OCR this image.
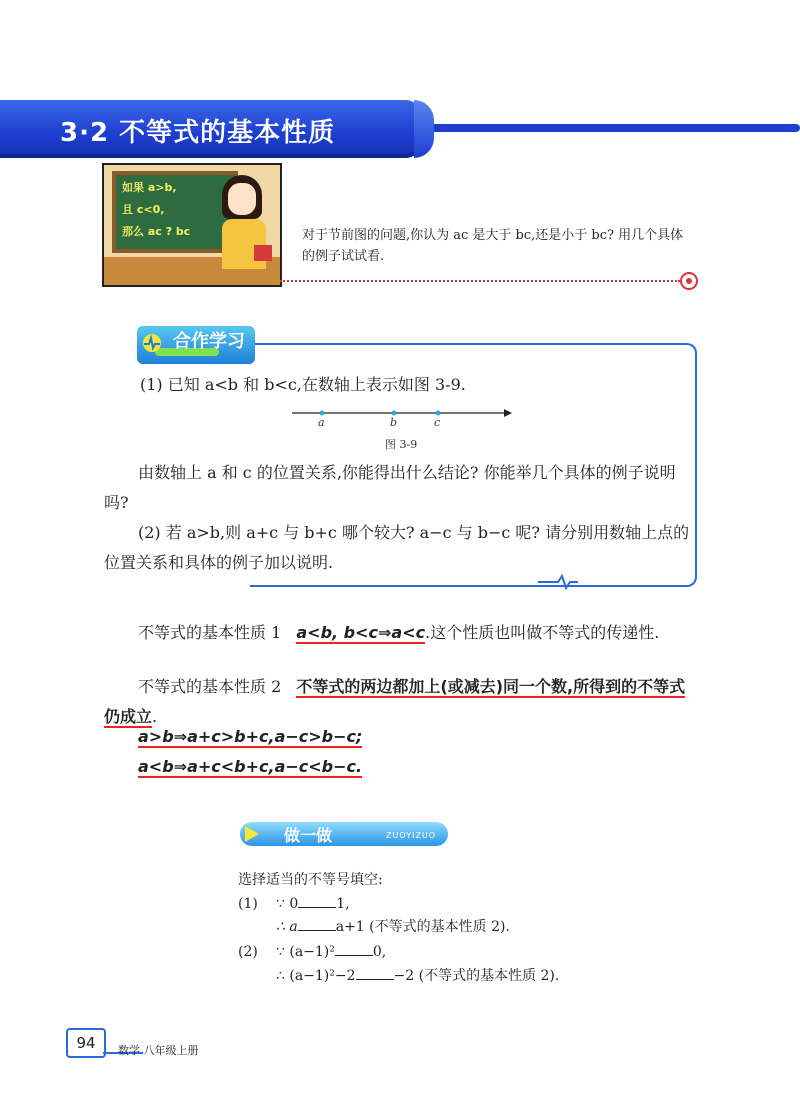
3·2 不等式的基本性质
如果 a>b,
且 c<0,
那么 ac ? bc	对于节前图的问题,你认为 ac 是大于 bc,还是小于 bc? 用几个具体的例子试试看.
合作学习
(1) 已知 a<b 和 b<c,在数轴上表示如图 3-9.
a	b	c
图 3-9
由数轴上 a 和 c 的位置关系,你能得出什么结论? 你能举几个具体的例子说明吗?
(2) 若 a>b,则 a+c 与 b+c 哪个较大? a−c 与 b−c 呢? 请分别用数轴上点的位置关系和具体的例子加以说明.
不等式的基本性质 1 a<b, b<c⇒a<c.这个性质也叫做不等式的传递性.
不等式的基本性质 2 不等式的两边都加上(或减去)同一个数,所得到的不等式仍成立.
a>b⇒a+c>b+c,a−c>b−c;
a<b⇒a+c<b+c,a−c<b−c.
做一做	ZUOYIZUO
选择适当的不等号填空:
(1) ∵ 0	1,
∴ a	a+1 (不等式的基本性质 2).
(2) ∵ (a−1)²	0,
∴ (a−1)²−2	−2 (不等式的基本性质 2).
94	数学 八年级上册
